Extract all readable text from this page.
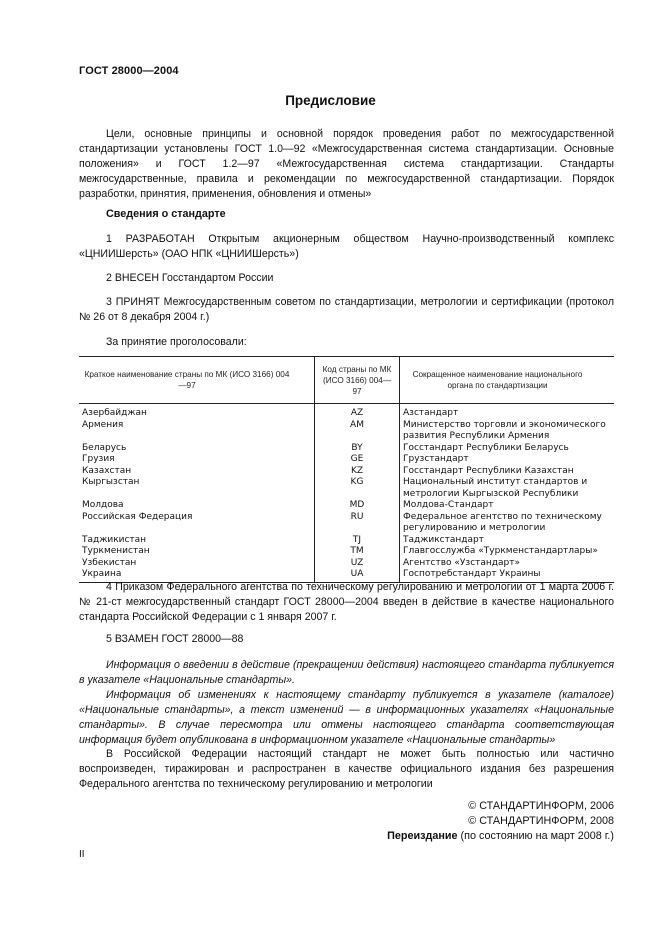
ГОСТ 28000—2004
Предисловие
Цели, основные принципы и основной порядок проведения работ по межгосударственной стандартизации установлены ГОСТ 1.0—92 «Межгосударственная система стандартизации. Основные положения» и ГОСТ 1.2—97 «Межгосударственная система стандартизации. Стандарты межгосударственные, правила и рекомендации по межгосударственной стандартизации. Порядок разработки, принятия, применения, обновления и отмены»
Сведения о стандарте
1 РАЗРАБОТАН Открытым акционерным обществом Научно-производственный комплекс «ЦНИИШерсть» (ОАО НПК «ЦНИИШерсть»)
2 ВНЕСЕН Госстандартом России
3 ПРИНЯТ Межгосударственным советом по стандартизации, метрологии и сертификации (протокол № 26 от 8 декабря 2004 г.)
За принятие проголосовали:
Краткое наименование страны по МК (ИСО 3166) 004—97	Код страны по МК (ИСО 3166) 004—97	Сокращенное наименование национального органа по стандартизации
Азербайджан	AZ	Азстандарт
Армения	AM	Министерство торговли и экономического развития Республики Армения
Беларусь	BY	Госстандарт Республики Беларусь
Грузия	GE	Грузстандарт
Казахстан	KZ	Госстандарт Республики Казахстан
Кыргызстан	KG	Национальный институт стандартов и метрологии Кыргызской Республики
Молдова	MD	Молдова-Стандарт
Российская Федерация	RU	Федеральное агентство по техническому регулированию и метрологии
Таджикистан	TJ	Таджикстандарт
Туркменистан	TM	Главгосслужба «Туркменстандартлары»
Узбекистан	UZ	Агентство «Узстандарт»
Украина	UA	Госпотребстандарт Украины
4 Приказом Федерального агентства по техническому регулированию и метрологии от 1 марта 2006 г. № 21-ст межгосударственный стандарт ГОСТ 28000—2004 введен в действие в качестве национального стандарта Российской Федерации с 1 января 2007 г.
5 ВЗАМЕН ГОСТ 28000—88
Информация о введении в действие (прекращении действия) настоящего стандарта публикуется в указателе «Национальные стандарты».
Информация об изменениях к настоящему стандарту публикуется в указателе (каталоге) «Национальные стандарты», а текст изменений — в информационных указателях «Национальные стандарты». В случае пересмотра или отмены настоящего стандарта соответствующая информация будет опубликована в информационном указателе «Национальные стандарты»
В Российской Федерации настоящий стандарт не может быть полностью или частично воспроизведен, тиражирован и распространен в качестве официального издания без разрешения Федерального агентства по техническому регулированию и метрологии
© СТАНДАРТИНФОРМ, 2006
© СТАНДАРТИНФОРМ, 2008
Переиздание (по состоянию на март 2008 г.)
II
